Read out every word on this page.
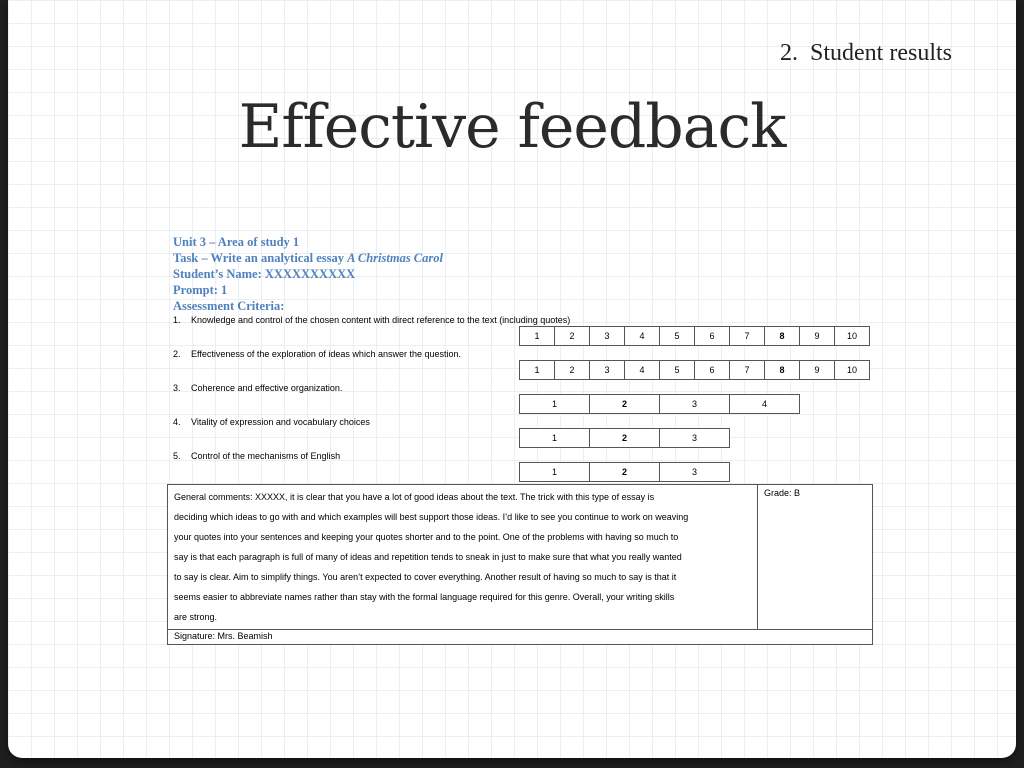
2. Student results
Effective feedback
Unit 3 – Area of study 1
Task – Write an analytical essay A Christmas Carol
Student’s Name: XXXXXXXXXX
Prompt: 1
Assessment Criteria:
1. Knowledge and control of the chosen content with direct reference to the text (including quotes)
1	2	3	4	5	6	7	8	9	10
2. Effectiveness of the exploration of ideas which answer the question.
1	2	3	4	5	6	7	8	9	10
3. Coherence and effective organization.
1	2	3	4
4. Vitality of expression and vocabulary choices
1	2	3
5. Control of the mechanisms of English
1	2	3
General comments: XXXXX, it is clear that you have a lot of good ideas about the text. The trick with this type of essay is
deciding which ideas to go with and which examples will best support those ideas. I’d like to see you continue to work on weaving
your quotes into your sentences and keeping your quotes shorter and to the point. One of the problems with having so much to
say is that each paragraph is full of many of ideas and repetition tends to sneak in just to make sure that what you really wanted
to say is clear. Aim to simplify things. You aren’t expected to cover everything. Another result of having so much to say is that it
seems easier to abbreviate names rather than stay with the formal language required for this genre. Overall, your writing skills
are strong.
	Grade: B
Signature: Mrs. Beamish
